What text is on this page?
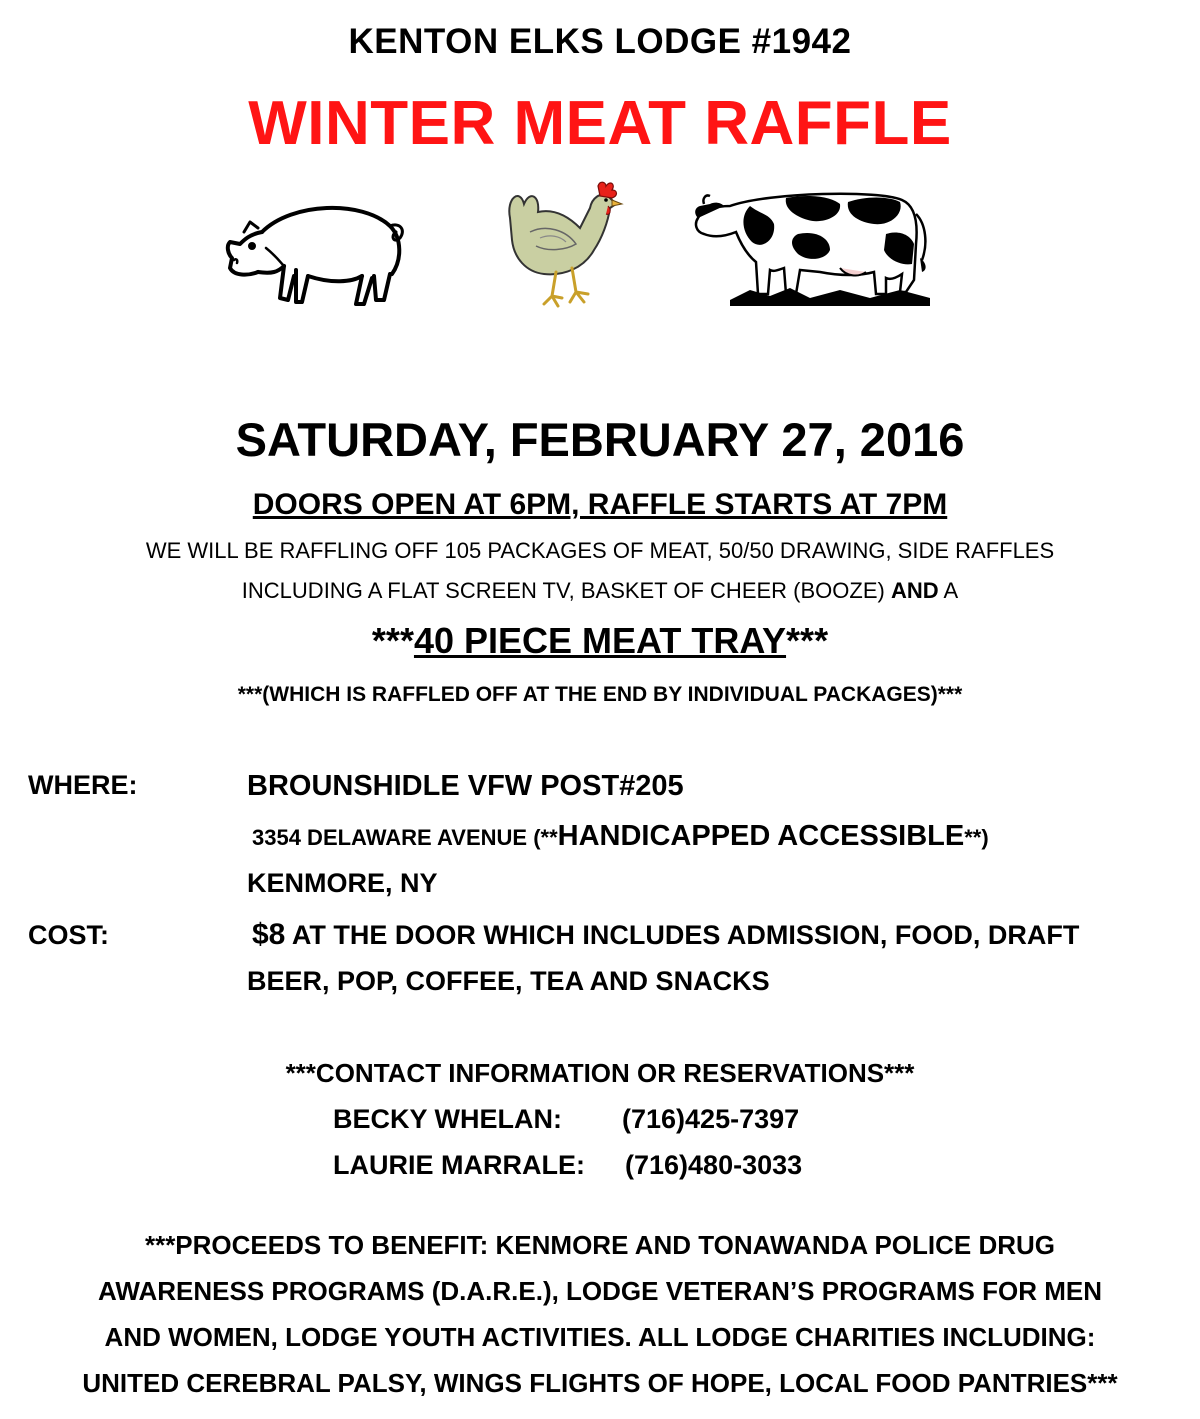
KENTON ELKS LODGE #1942
WINTER MEAT RAFFLE
SATURDAY, FEBRUARY 27, 2016
DOORS OPEN AT 6PM, RAFFLE STARTS AT 7PM
WE WILL BE RAFFLING OFF 105 PACKAGES OF MEAT, 50/50 DRAWING, SIDE RAFFLES
INCLUDING A FLAT SCREEN TV, BASKET OF CHEER (BOOZE) AND A
***40 PIECE MEAT TRAY***
***(WHICH IS RAFFLED OFF AT THE END BY INDIVIDUAL PACKAGES)***
WHERE:	BROUNSHIDLE VFW POST#205
3354 DELAWARE AVENUE (**HANDICAPPED ACCESSIBLE**)
KENMORE, NY
COST:	$8 AT THE DOOR WHICH INCLUDES ADMISSION, FOOD, DRAFT
BEER, POP, COFFEE, TEA AND SNACKS
***CONTACT INFORMATION OR RESERVATIONS***
BECKY WHELAN: (716)425-7397
LAURIE MARRALE: (716)480-3033
***PROCEEDS TO BENEFIT: KENMORE AND TONAWANDA POLICE DRUG
AWARENESS PROGRAMS (D.A.R.E.), LODGE VETERAN’S PROGRAMS FOR MEN
AND WOMEN, LODGE YOUTH ACTIVITIES. ALL LODGE CHARITIES INCLUDING:
UNITED CEREBRAL PALSY, WINGS FLIGHTS OF HOPE, LOCAL FOOD PANTRIES***
